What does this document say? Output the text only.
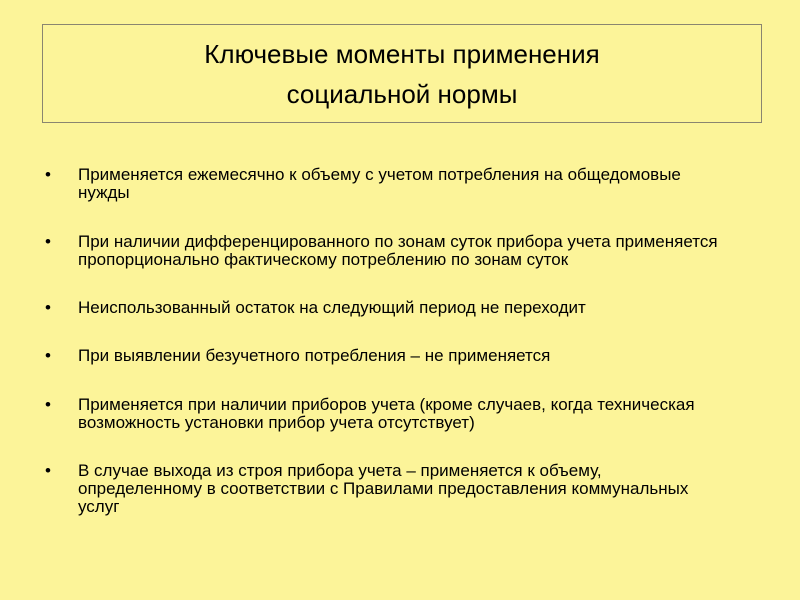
Ключевые моменты применения
социальной нормы
• Применяется ежемесячно к объему с учетом потребления на общедомовые нужды
• При наличии дифференцированного по зонам суток прибора учета применяется пропорционально фактическому потреблению по зонам суток
• Неиспользованный остаток на следующий период не переходит
• При выявлении безучетного потребления – не применяется
• Применяется при наличии приборов учета (кроме случаев, когда техническая возможность установки прибор учета отсутствует)
• В случае выхода из строя прибора учета – применяется к объему, определенному в соответствии с Правилами предоставления коммунальных услуг
